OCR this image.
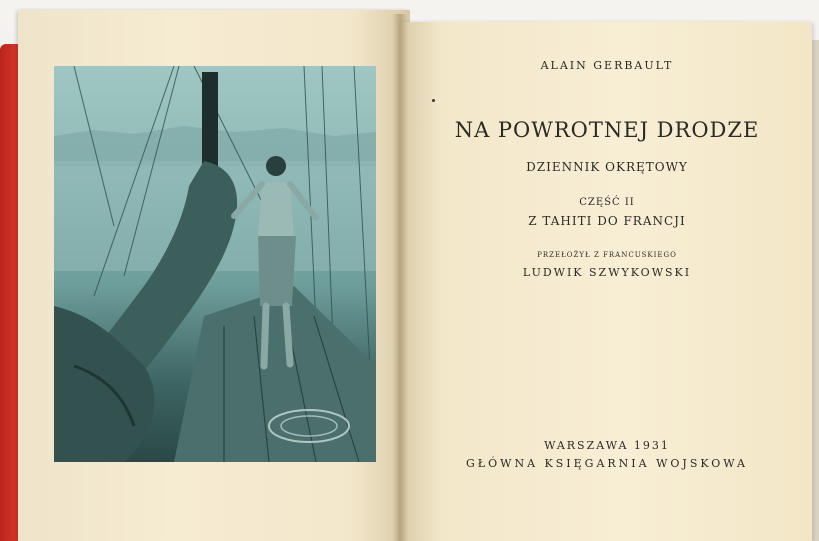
ALAIN GERBAULT
NA POWROTNEJ DRODZE
DZIENNIK OKRĘTOWY
CZĘŚĆ II
Z TAHITI DO FRANCJI
PRZEŁOŻYŁ Z FRANCUSKIEGO
LUDWIK SZWYKOWSKI
WARSZAWA 1931
GŁÓWNA KSIĘGARNIA WOJSKOWA
